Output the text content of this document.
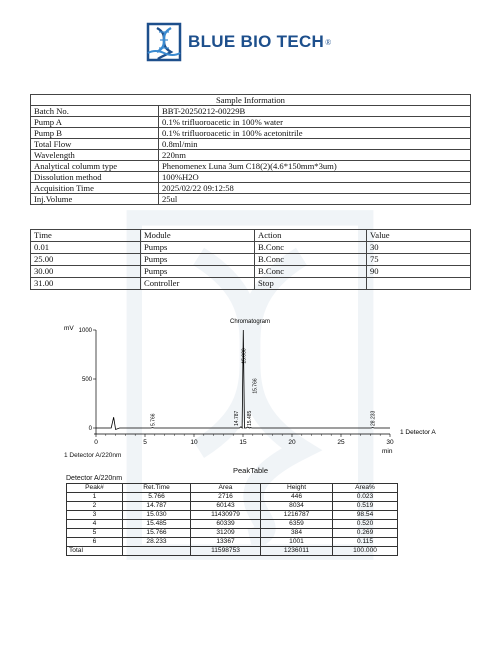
BLUE BIO TECH ®
Sample Information	
Batch No.	BBT-20250212-00229B
Pump A	0.1% trifluoroacetic in 100% water
Pump B	0.1% trifluoroacetic in 100% acetonitrile
Total Flow	0.8ml/min
Wavelength	220nm
Analytical columm type	Phenomenex Luna 3um C18(2)(4.6*150mm*3um)
Dissolution method	100%H2O
Acquisition Time	2025/02/22 09:12:58
Inj.Volume	25ul
Time	Module	Action	Value
0.01	Pumps	B.Conc	30
25.00	Pumps	B.Conc	75
30.00	Pumps	B.Conc	90
31.00	Controller	Stop	
Chromatogram
mV
min
1 Detector A
0
500
1000
0	5	10	15	20	25	30
5.766	14.787
15.030
15.485
15.766
28.233
1 Detector A/220nm
PeakTable
Detector A/220nm
Peak#	Ret.Time	Area	Height	Area%
1	5.766	2716	446	0.023
2	14.787	60143	8034	0.519
3	15.030	11430979	1216787	98.54
4	15.485	60339	6359	0.520
5	15.766	31209	384	0.269
6	28.233	13367	1001	0.115
Total		11598753	1236011	100.000
